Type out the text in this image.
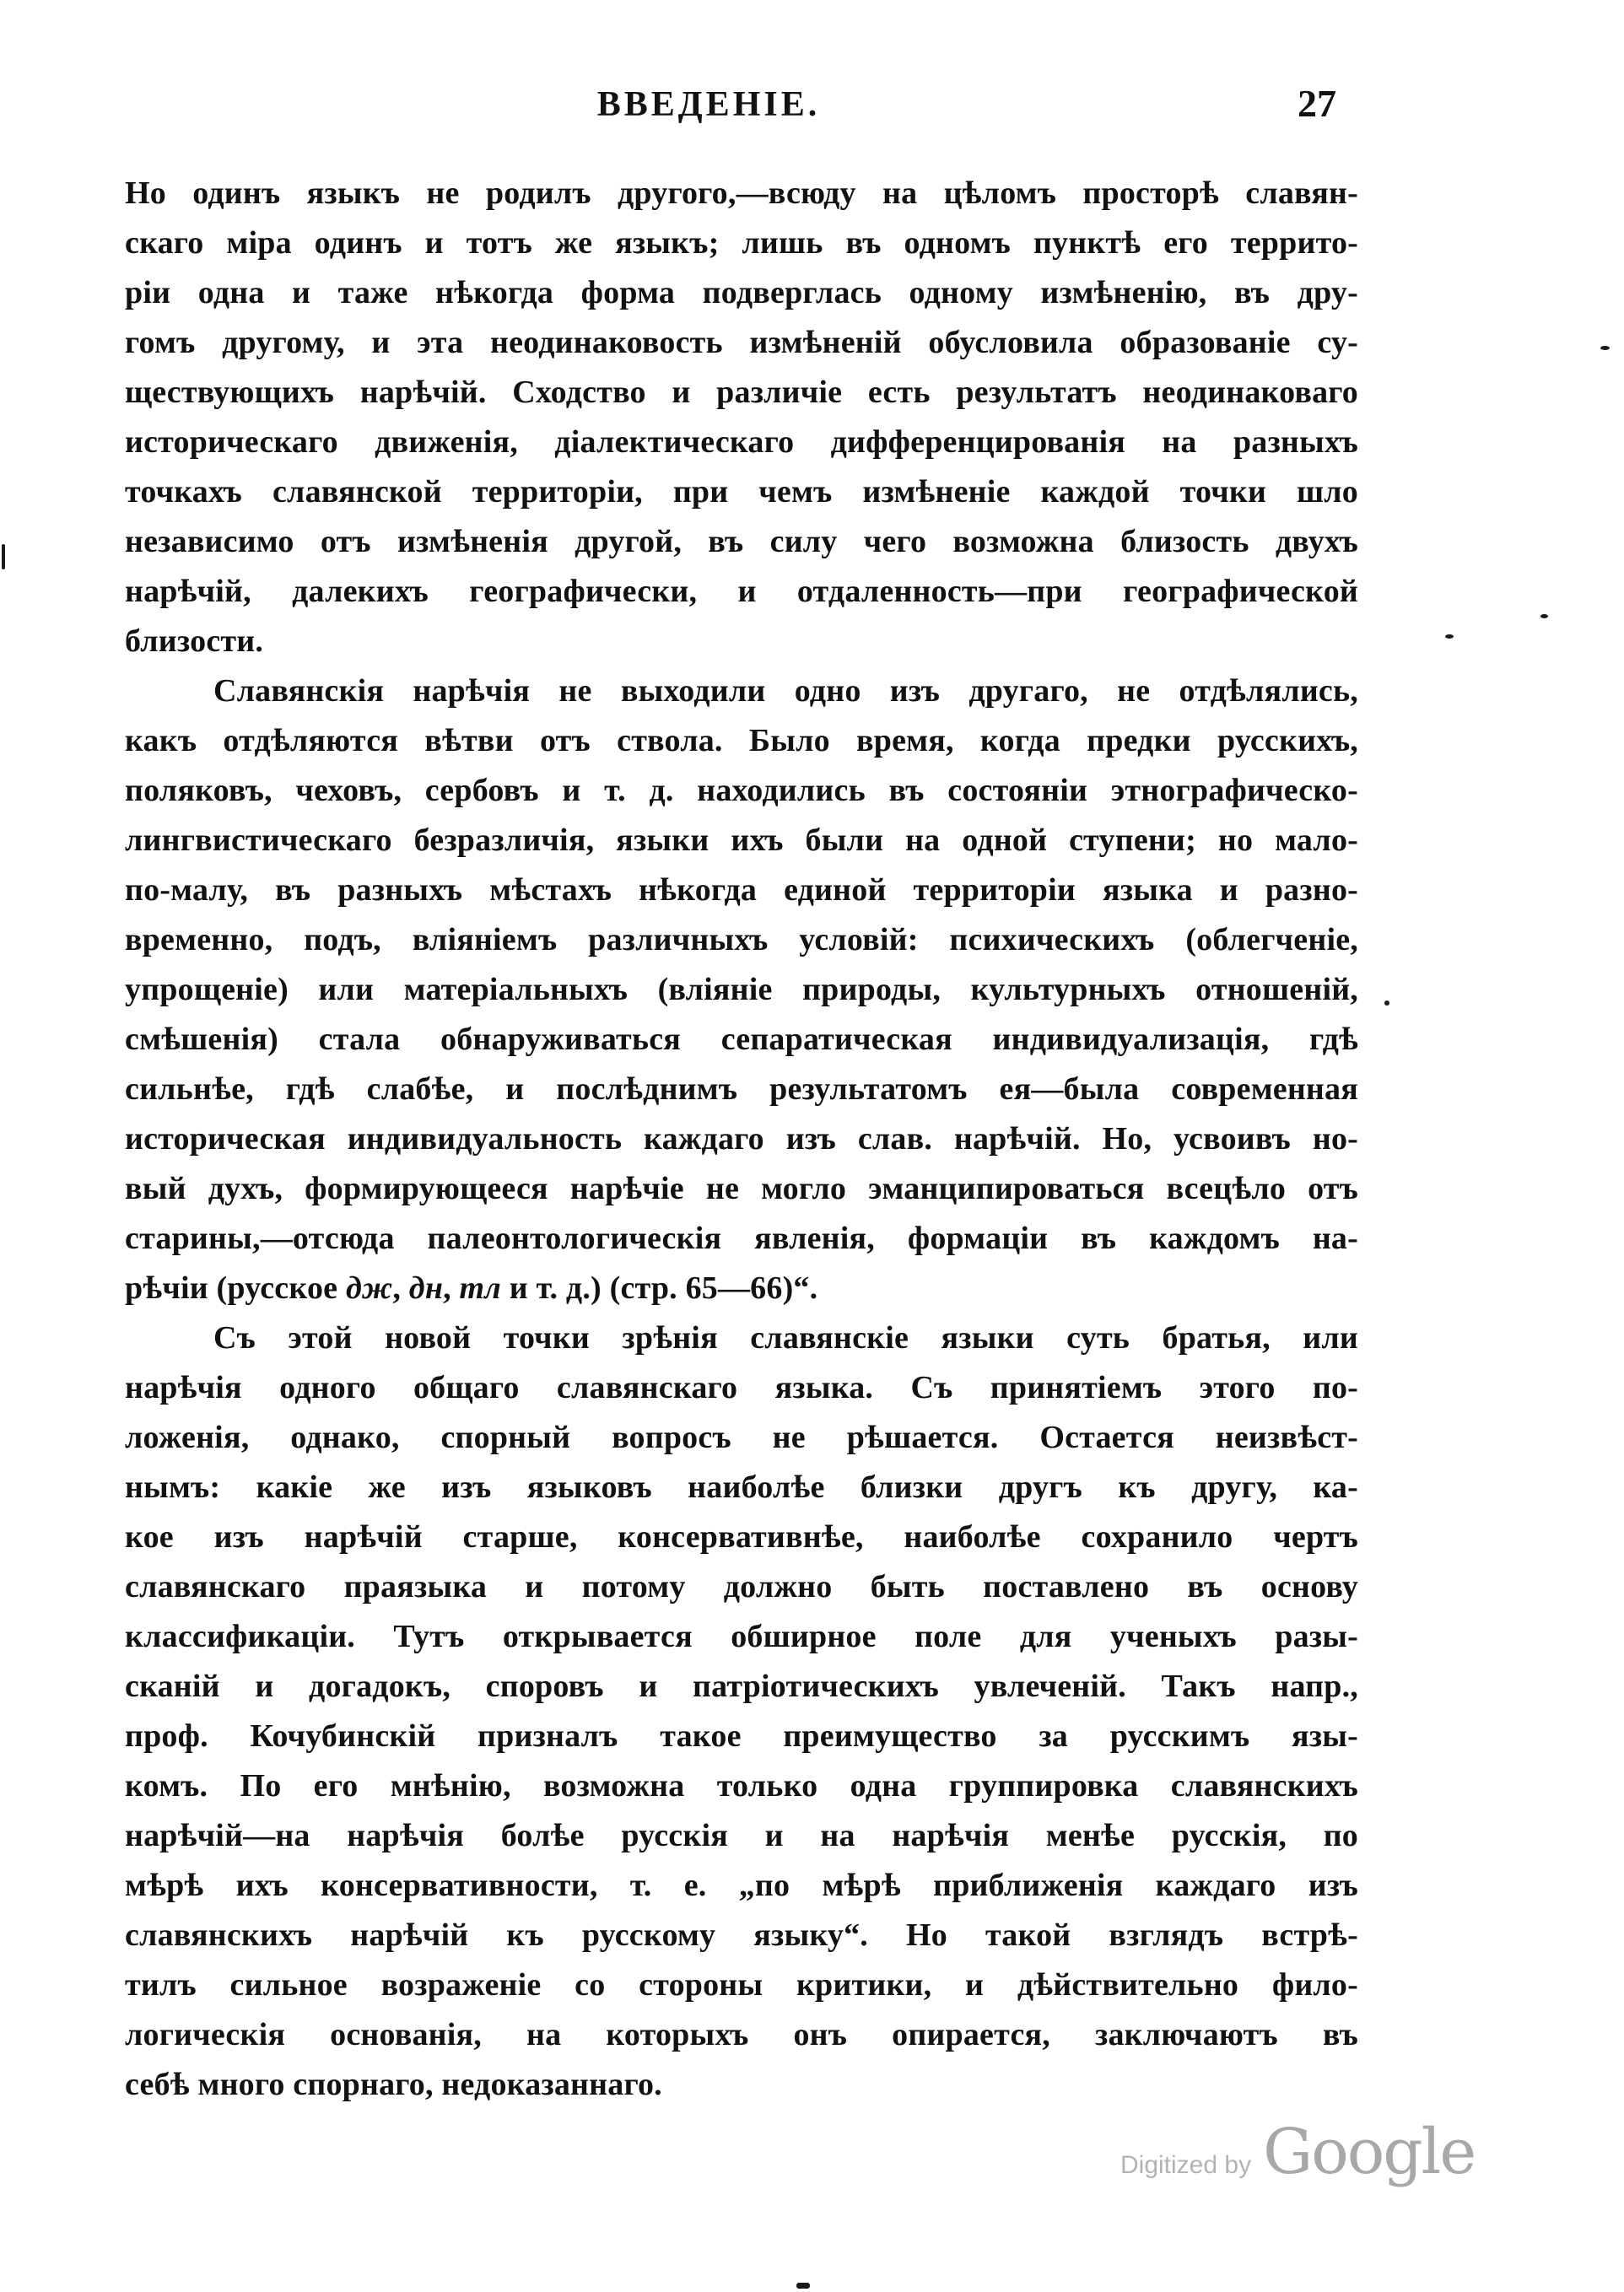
ВВЕДЕНІЕ.	27
Но одинъ языкъ не родилъ другого,—всюду на цѣломъ просторѣ славян-
скаго міра одинъ и тотъ же языкъ; лишь въ одномъ пунктѣ его террито-
ріи одна и таже нѣкогда форма подверглась одному измѣненію, въ дру-
гомъ другому, и эта неодинаковость измѣненій обусловила образованіе су-
ществующихъ нарѣчій. Сходство и различіе есть результатъ неодинаковаго
историческаго движенія, діалектическаго дифференцированія на разныхъ
точкахъ славянской территоріи, при чемъ измѣненіе каждой точки шло
независимо отъ измѣненія другой, въ силу чего возможна близость двухъ
нарѣчій, далекихъ географически, и отдаленность—при географической
близости.
Славянскія нарѣчія не выходили одно изъ другаго, не отдѣлялись,
какъ отдѣляются вѣтви отъ ствола. Было время, когда предки русскихъ,
поляковъ, чеховъ, сербовъ и т. д. находились въ состояніи этнографическо-
лингвистическаго безразличія, языки ихъ были на одной ступени; но мало-
по-малу, въ разныхъ мѣстахъ нѣкогда единой территоріи языка и разно-
временно, подъ, вліяніемъ различныхъ условій: психическихъ (облегченіе,
упрощеніе) или матеріальныхъ (вліяніе природы, культурныхъ отношеній,
смѣшенія) стала обнаруживаться сепаратическая индивидуализація, гдѣ
сильнѣе, гдѣ слабѣе, и послѣднимъ результатомъ ея—была современная
историческая индивидуальность каждаго изъ слав. нарѣчій. Но, усвоивъ но-
вый духъ, формирующееся нарѣчіе не могло эманципироваться всецѣло отъ
старины,—отсюда палеонтологическія явленія, формаціи въ каждомъ на-
рѣчіи (русское дж, дн, тл и т. д.) (стр. 65—66)“.
Съ этой новой точки зрѣнія славянскіе языки суть братья, или
нарѣчія одного общаго славянскаго языка. Съ принятіемъ этого по-
ложенія, однако, спорный вопросъ не рѣшается. Остается неизвѣст-
нымъ: какіе же изъ языковъ наиболѣе близки другъ къ другу, ка-
кое изъ нарѣчій старше, консервативнѣе, наиболѣе сохранило чертъ
славянскаго праязыка и потому должно быть поставлено въ основу
классификаціи. Тутъ открывается обширное поле для ученыхъ разы-
сканій и догадокъ, споровъ и патріотическихъ увлеченій. Такъ напр.,
проф. Кочубинскій призналъ такое преимущество за русскимъ язы-
комъ. По его мнѣнію, возможна только одна группировка славянскихъ
нарѣчій—на нарѣчія болѣе русскія и на нарѣчія менѣе русскія, по
мѣрѣ ихъ консервативности, т. е. „по мѣрѣ приближенія каждаго изъ
славянскихъ нарѣчій къ русскому языку“. Но такой взглядъ встрѣ-
тилъ сильное возраженіе со стороны критики, и дѣйствительно фило-
логическія основанія, на которыхъ онъ опирается, заключаютъ въ
себѣ много спорнаго, недоказаннаго.
Digitized by Google
